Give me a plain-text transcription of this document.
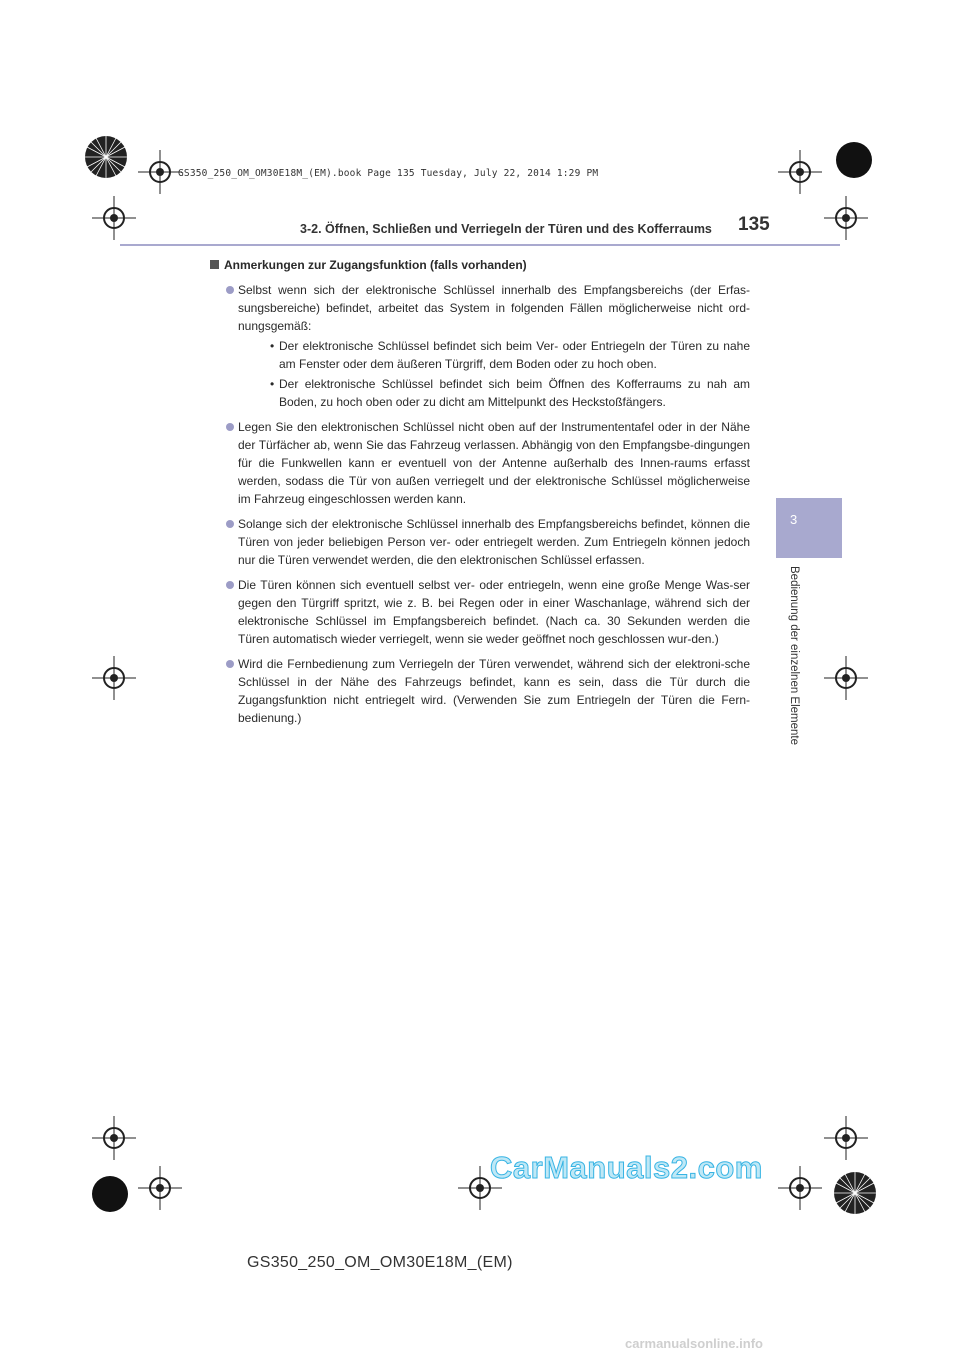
GS350_250_OM_OM30E18M_(EM).book Page 135 Tuesday, July 22, 2014 1:29 PM
3-2. Öffnen, Schließen und Verriegeln der Türen und des Kofferraums 135
3
Bedienung der einzelnen Elemente
Anmerkungen zur Zugangsfunktion (falls vorhanden)
Selbst wenn sich der elektronische Schlüssel innerhalb des Empfangsbereichs (der Erfas-sungsbereiche) befindet, arbeitet das System in folgenden Fällen möglicherweise nicht ord-nungsgemäß:
• Der elektronische Schlüssel befindet sich beim Ver- oder Entriegeln der Türen zu nahe am Fenster oder dem äußeren Türgriff, dem Boden oder zu hoch oben.
• Der elektronische Schlüssel befindet sich beim Öffnen des Kofferraums zu nah am Boden, zu hoch oben oder zu dicht am Mittelpunkt des Heckstoßfängers.
Legen Sie den elektronischen Schlüssel nicht oben auf der Instrumententafel oder in der Nähe der Türfächer ab, wenn Sie das Fahrzeug verlassen. Abhängig von den Empfangsbe-dingungen für die Funkwellen kann er eventuell von der Antenne außerhalb des Innen-raums erfasst werden, sodass die Tür von außen verriegelt und der elektronische Schlüssel möglicherweise im Fahrzeug eingeschlossen werden kann.
Solange sich der elektronische Schlüssel innerhalb des Empfangsbereichs befindet, können die Türen von jeder beliebigen Person ver- oder entriegelt werden. Zum Entriegeln können jedoch nur die Türen verwendet werden, die den elektronischen Schlüssel erfassen.
Die Türen können sich eventuell selbst ver- oder entriegeln, wenn eine große Menge Was-ser gegen den Türgriff spritzt, wie z. B. bei Regen oder in einer Waschanlage, während sich der elektronische Schlüssel im Empfangsbereich befindet. (Nach ca. 30 Sekunden werden die Türen automatisch wieder verriegelt, wenn sie weder geöffnet noch geschlossen wur-den.)
Wird die Fernbedienung zum Verriegeln der Türen verwendet, während sich der elektroni-sche Schlüssel in der Nähe des Fahrzeugs befindet, kann es sein, dass die Tür durch die Zugangsfunktion nicht entriegelt wird. (Verwenden Sie zum Entriegeln der Türen die Fern-bedienung.)
GS350_250_OM_OM30E18M_(EM)
CarManuals2.com
carmanualsonline.info
